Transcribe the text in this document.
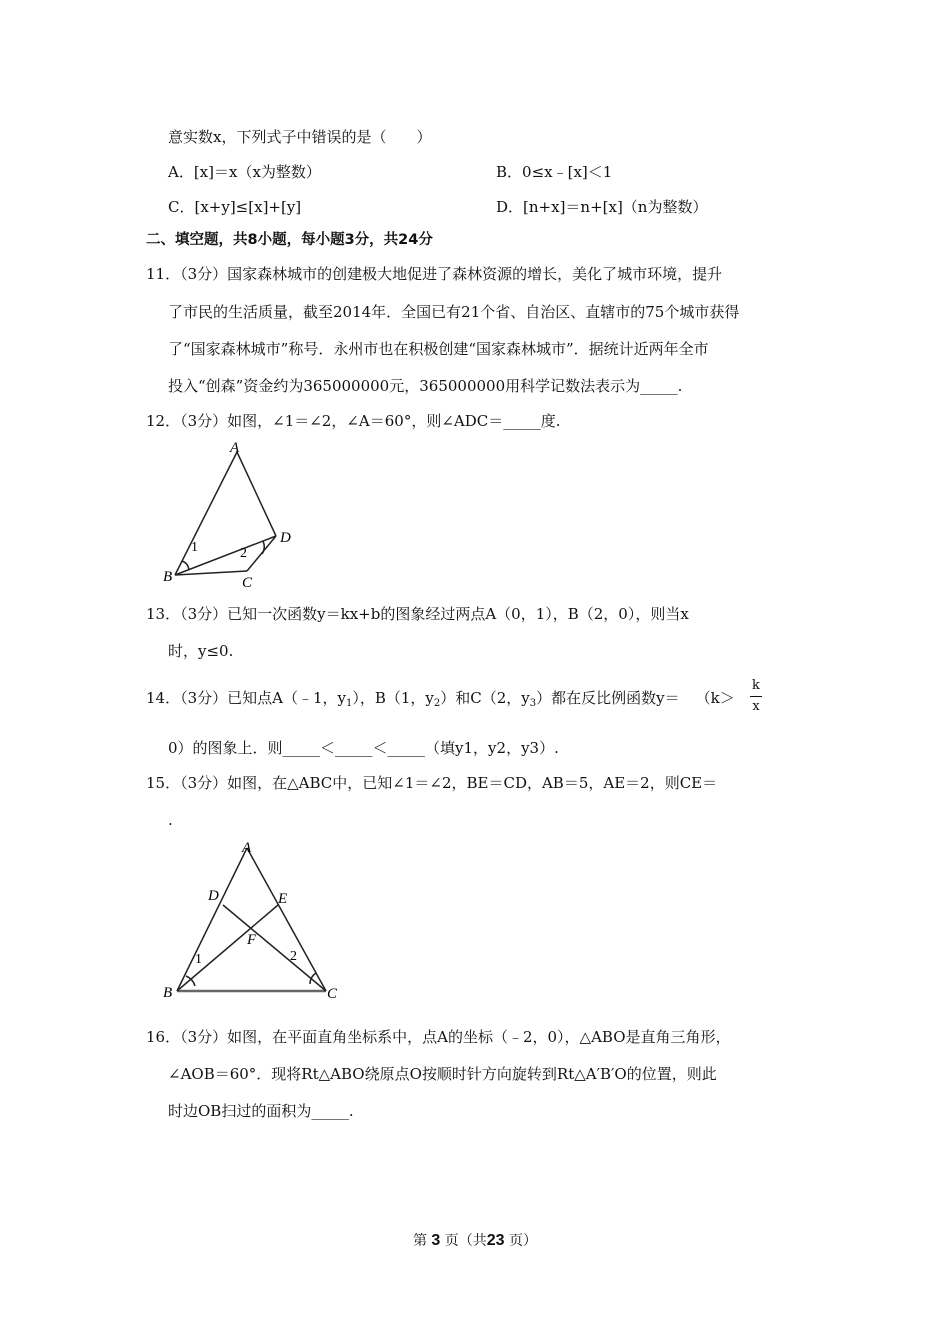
意实数x，下列式子中错误的是（　　）
A．[x]＝x（x为整数）	B．0≤x﹣[x]＜1
C．[x+y]≤[x]+[y]	D．[n+x]＝n+[x]（n为整数）
二、填空题，共8小题，每小题3分，共24分
11．（3分）国家森林城市的创建极大地促进了森林资源的增长，美化了城市环境，提升
了市民的生活质量，截至2014年．全国已有21个省、自治区、直辖市的75个城市获得
了“国家森林城市”称号．永州市也在积极创建“国家森林城市”．据统计近两年全市
投入“创森”资金约为365000000元，365000000用科学记数法表示为_____.
12．（3分）如图，∠1＝∠2，∠A＝60°，则∠ADC＝_____度.
A
B	C
D
1	2
13．（3分）已知一次函数y＝kx+b的图象经过两点A（0，1），B（2，0），则当x
时，y≤0.
14．（3分）已知点A（﹣1，$y_1$），B（1，$y_2$）和C（2，$y_3$）都在反比例函数y＝ （k＞
k
x
0）的图象上．则_____＜_____＜_____（填y1，y2，y3）.
15．（3分）如图，在△ABC中，已知∠1＝∠2，BE＝CD，AB＝5，AE＝2，则CE＝
.
A
B	C
D	E
F
1	2
16．（3分）如图，在平面直角坐标系中，点A的坐标（﹣2，0），△ABO是直角三角形，
∠AOB＝60°．现将Rt△ABO绕原点O按顺时针方向旋转到Rt△A′B′O的位置，则此
时边OB扫过的面积为_____.
第 3 页（共23 页）
